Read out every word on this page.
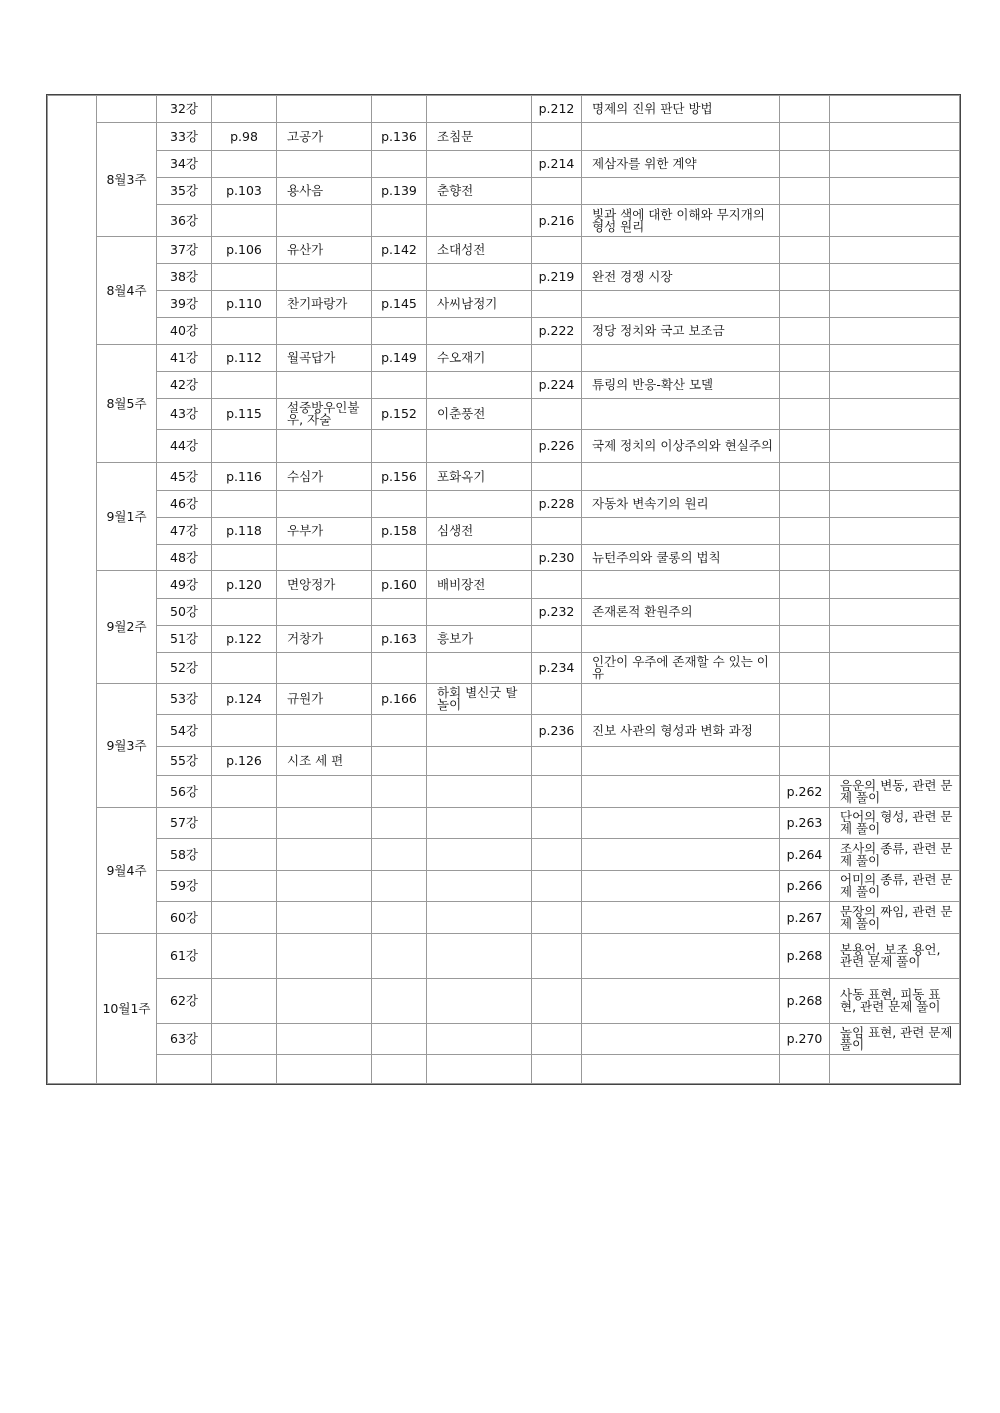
		32강					p.212	명제의 진위 판단 방법		
	8월3주	33강	p.98	고공가	p.136	조침문				
		34강					p.214	제삼자를 위한 계약		
		35강	p.103	용사음	p.139	춘향전				
		36강					p.216	빛과 색에 대한 이해와 무지개의 형성 원리		
	8월4주	37강	p.106	유산가	p.142	소대성전				
		38강					p.219	완전 경쟁 시장		
		39강	p.110	찬기파랑가	p.145	사씨남정기				
		40강					p.222	정당 정치와 국고 보조금		
	8월5주	41강	p.112	월곡답가	p.149	수오재기				
		42강					p.224	튜링의 반응-확산 모델		
		43강	p.115	설중방우인불우, 자술	p.152	이춘풍전				
		44강					p.226	국제 정치의 이상주의와 현실주의		
	9월1주	45강	p.116	수심가	p.156	포화옥기				
		46강					p.228	자동차 변속기의 원리		
		47강	p.118	우부가	p.158	심생전				
		48강					p.230	뉴턴주의와 쿨롱의 법칙		
	9월2주	49강	p.120	면앙정가	p.160	배비장전				
		50강					p.232	존재론적 환원주의		
		51강	p.122	거창가	p.163	흥보가				
		52강					p.234	인간이 우주에 존재할 수 있는 이유		
	9월3주	53강	p.124	규원가	p.166	하회 별신굿 탈놀이				
		54강					p.236	진보 사관의 형성과 변화 과정		
		55강	p.126	시조 세 편						
		56강							p.262	음운의 변동, 관련 문제 풀이
	9월4주	57강							p.263	단어의 형성, 관련 문제 풀이
		58강							p.264	조사의 종류, 관련 문제 풀이
		59강							p.266	어미의 종류, 관련 문제 풀이
		60강							p.267	문장의 짜임, 관련 문제 풀이
	10월1주	61강							p.268	본용언, 보조 용언, 관련 문제 풀이
		62강							p.268	사동 표현, 피동 표현, 관련 문제 풀이
		63강							p.270	높임 표현, 관련 문제 풀이
